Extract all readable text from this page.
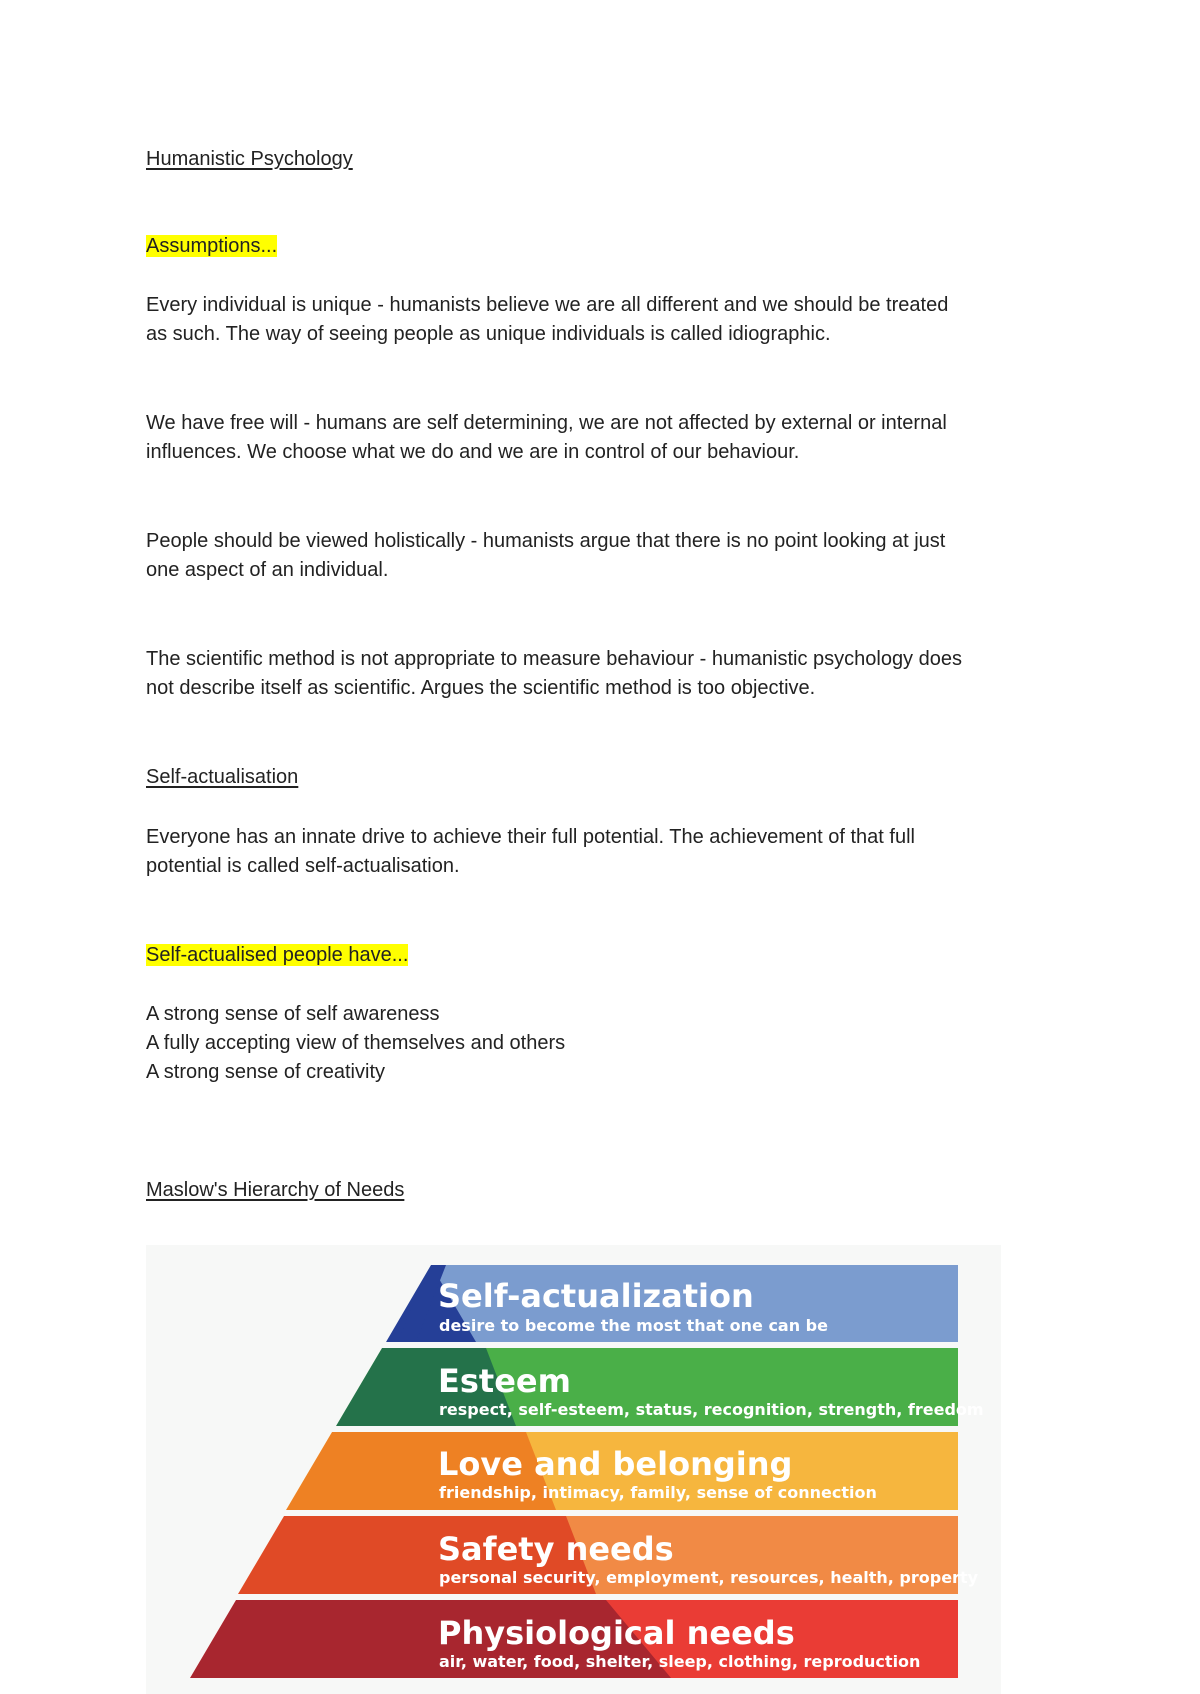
Humanistic Psychology
Assumptions...
Every individual is unique - humanists believe we are all different and we should be treated
as such. The way of seeing people as unique individuals is called idiographic.
We have free will - humans are self determining, we are not affected by external or internal
influences. We choose what we do and we are in control of our behaviour.
People should be viewed holistically - humanists argue that there is no point looking at just
one aspect of an individual.
The scientific method is not appropriate to measure behaviour - humanistic psychology does
not describe itself as scientific. Argues the scientific method is too objective.
Self-actualisation
Everyone has an innate drive to achieve their full potential. The achievement of that full
potential is called self-actualisation.
Self-actualised people have...
A strong sense of self awareness
A fully accepting view of themselves and others
A strong sense of creativity
Maslow's Hierarchy of Needs
Self-actualization
desire to become the most that one can be
Esteem
respect, self-esteem, status, recognition, strength, freedom
Love and belonging
friendship, intimacy, family, sense of connection
Safety needs
personal security, employment, resources, health, property
Physiological needs
air, water, food, shelter, sleep, clothing, reproduction
